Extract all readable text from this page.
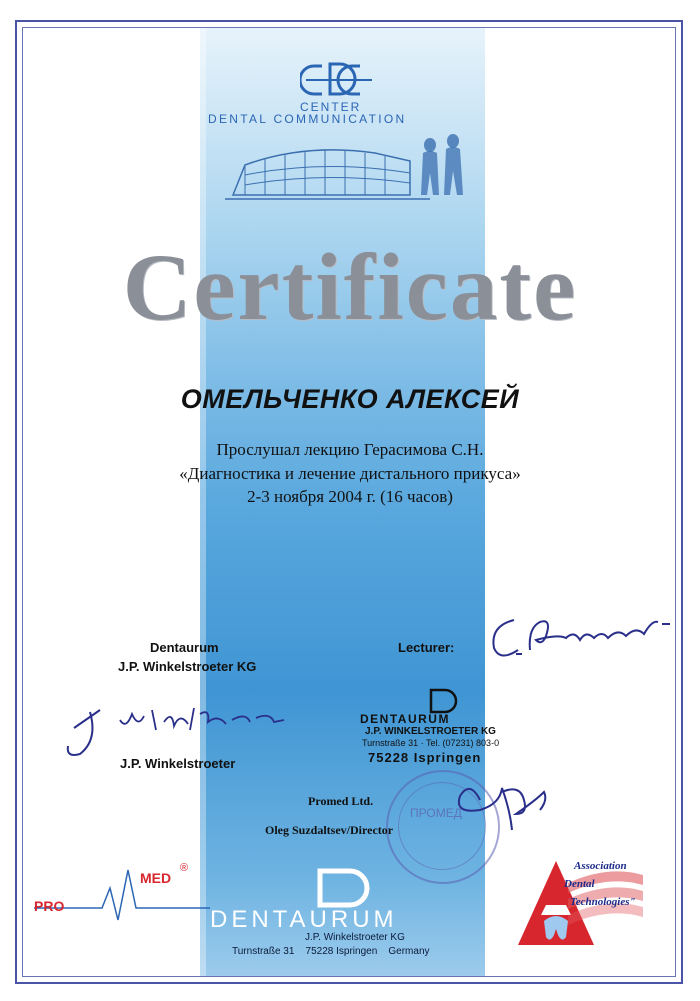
CENTER
DENTAL COMMUNICATION
Certificate
ОМЕЛЬЧЕНКО АЛЕКСЕЙ
Прослушал лекцию Герасимова С.Н.
«Диагностика и лечение дистального прикуса»
2-3 ноября 2004 г. (16 часов)
Dentaurum
J.P. Winkelstroeter KG
Lecturer:
J.P. Winkelstroeter
DENTAURUM
J.P. WINKELSTROETER KG
Turnstraße 31 · Tel. (07231) 803-0
75228 Ispringen
ПРОМЕД
Promed Ltd.
Oleg Suzdaltsev/Director
PRO
MED
®
DENTAURUM
J.P. Winkelstroeter KG
Turnstraße 31    75228 Ispringen    Germany
Association
Dental
Technologies"
